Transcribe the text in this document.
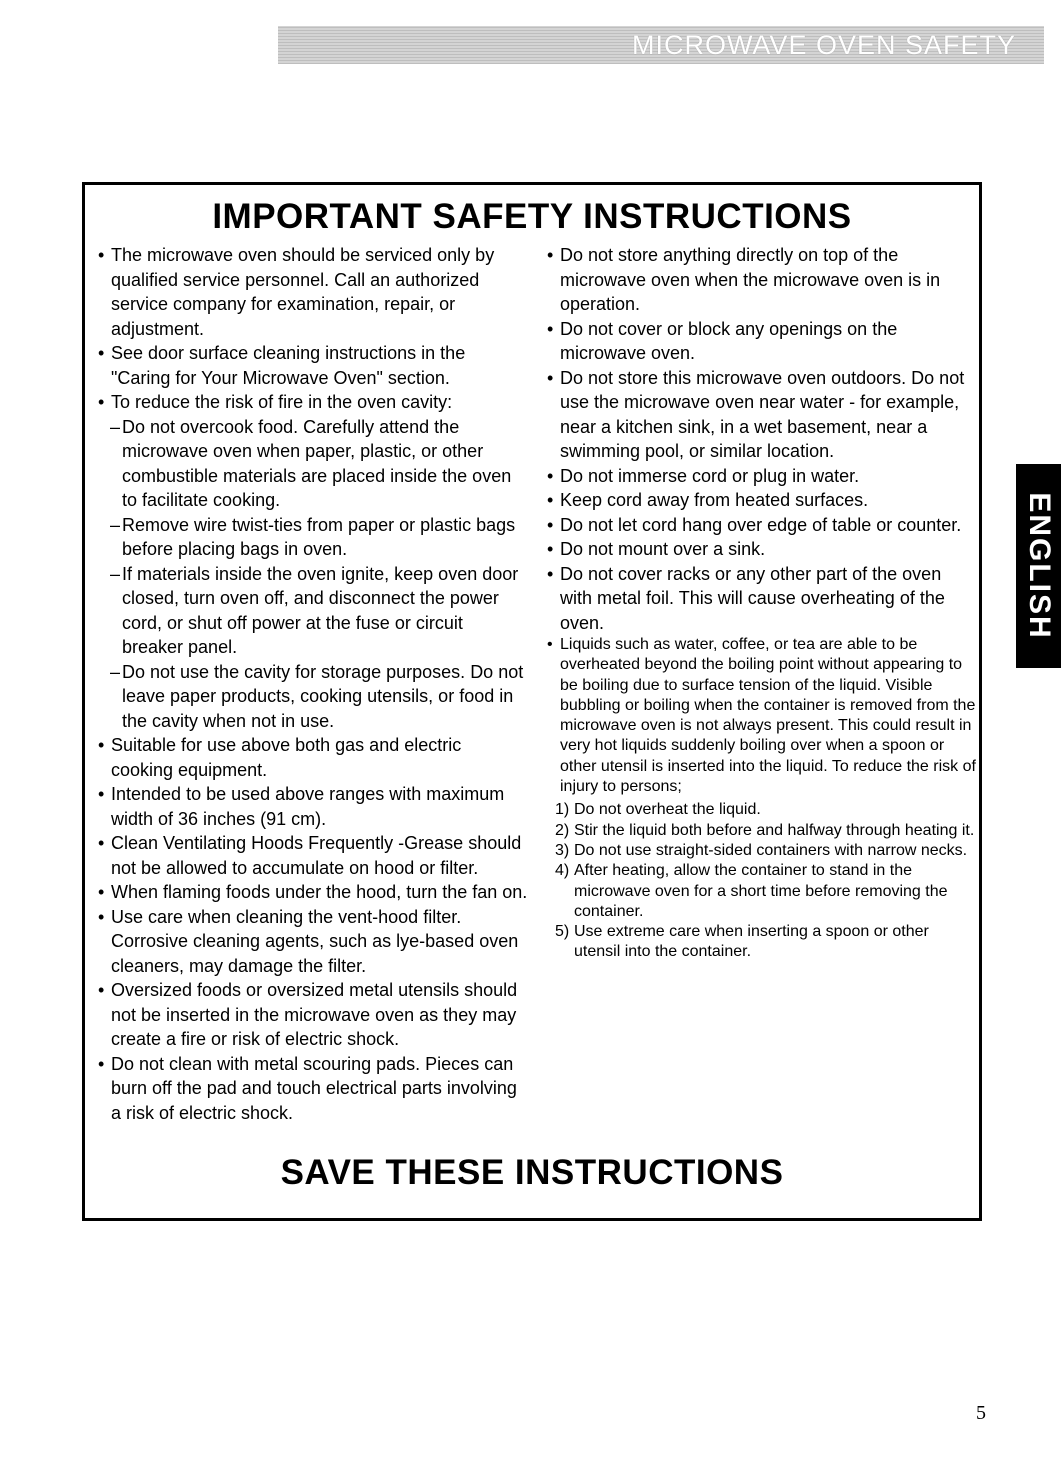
MICROWAVE OVEN SAFETY
IMPORTANT SAFETY INSTRUCTIONS
• The microwave oven should be serviced only by qualified service personnel. Call an authorized service company for examination, repair, or adjustment.
• See door surface cleaning instructions in the "Caring for Your Microwave Oven" section.
• To reduce the risk of fire in the oven cavity:
– Do not overcook food. Carefully attend the microwave oven when paper, plastic, or other combustible materials are placed inside the oven to facilitate cooking.
– Remove wire twist-ties from paper or plastic bags before placing bags in oven.
– If materials inside the oven ignite, keep oven door closed, turn oven off, and disconnect the power cord, or shut off power at the fuse or circuit breaker panel.
– Do not use the cavity for storage purposes. Do not leave paper products, cooking utensils, or food in the cavity when not in use.
• Suitable for use above both gas and electric cooking equipment.
• Intended to be used above ranges with maximum width of 36 inches (91 cm).
• Clean Ventilating Hoods Frequently -Grease should not be allowed to accumulate on hood or filter.
• When flaming foods under the hood, turn the fan on.
• Use care when cleaning the vent-hood filter. Corrosive cleaning agents, such as lye-based oven cleaners, may damage the filter.
• Oversized foods or oversized metal utensils should not be inserted in the microwave oven as they may create a fire or risk of electric shock.
• Do not clean with metal scouring pads. Pieces can burn off the pad and touch electrical parts involving a risk of electric shock.
• Do not store anything directly on top of the microwave oven when the microwave oven is in operation.
• Do not cover or block any openings on the microwave oven.
• Do not store this microwave oven outdoors. Do not use the microwave oven near water - for example, near a kitchen sink, in a wet basement, near a swimming pool, or similar location.
• Do not immerse cord or plug in water.
• Keep cord away from heated surfaces.
• Do not let cord hang over edge of table or counter.
• Do not mount over a sink.
• Do not cover racks or any other part of the oven with metal foil. This will cause overheating of the oven.
• Liquids such as water, coffee, or tea are able to be overheated beyond the boiling point without appearing to be boiling due to surface tension of the liquid. Visible bubbling or boiling when the container is removed from the microwave oven is not always present. This could result in very hot liquids suddenly boiling over when a spoon or other utensil is inserted into the liquid. To reduce the risk of injury to persons;
1) Do not overheat the liquid.
2) Stir the liquid both before and halfway through heating it.
3) Do not use straight-sided containers with narrow necks.
4) After heating, allow the container to stand in the microwave oven for a short time before removing the container.
5) Use extreme care when inserting a spoon or other utensil into the container.
SAVE THESE INSTRUCTIONS
ENGLISH
5
